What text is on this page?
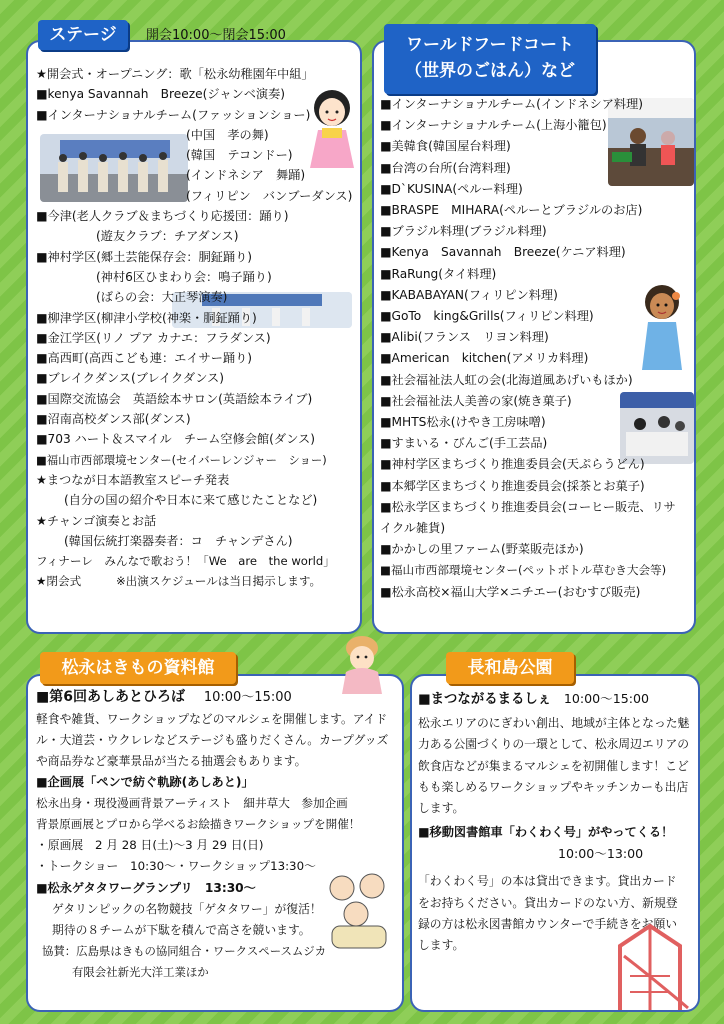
ステージ	開会10:00～閉会15:00
★開会式・オープニング：歌「松永幼稚園年中組」
■kenya Savannah　Breeze(ジャンベ演奏)
■インターナショナルチーム(ファッションショー)
(中国　孝の舞)
(韓国　テコンドー)
(インドネシア　舞踊)
(フィリピン　バンブーダンス)
■今津(老人クラブ＆まちづくり応援団：踊り)
(遊友クラブ：チアダンス)
■神村学区(郷土芸能保存会：胴鉦踊り)
(神村6区ひまわり会：鳴子踊り)
(ばらの会：大正琴演奏)
■柳津学区(柳津小学校(神楽・胴鉦踊り)
■金江学区(リノ プア カナエ：フラダンス)
■高西町(高西こども連：エイサー踊り)
■ブレイクダンス(ブレイクダンス)
■国際交流協会　英語絵本サロン(英語絵本ライブ)
■沼南高校ダンス部(ダンス)
■703 ハート＆スマイル　チーム空修会館(ダンス)
■福山市西部環境センター(セイバーレンジャー　ショー)
★まつなが日本語教室スピーチ発表
(自分の国の紹介や日本に来て感じたことなど)
★チャンゴ演奏とお話
(韓国伝統打楽器奏者：コ　チャンデさん)
フィナーレ　みんなで歌おう！「We　are　the world」
★閉会式　　　※出演スケジュールは当日掲示します。
ワールドフードコート
（世界のごはん）など
■インターナショナルチーム(インドネシア料理)
■インターナショナルチーム(上海小籠包)
■美韓食(韓国屋台料理)
■台湾の台所(台湾料理)
■D`KUSINA(ペルー料理)
■BRASPE　MIHARA(ペルーとブラジルのお店)
■ブラジル料理(ブラジル料理)
■Kenya　Savannah　Breeze(ケニア料理)
■RaRung(タイ料理)
■KABABAYAN(フィリピン料理)
■GoTo　king&Grills(フィリピン料理)
■Alibi(フランス　リヨン料理)
■American　kitchen(アメリカ料理)
■社会福祉法人虹の会(北海道風あげいもほか)
■社会福祉法人美善の家(焼き菓子)
■MHTS松永(けやき工房味噌)
■すまいる・びんご(手工芸品)
■神村学区まちづくり推進委員会(天ぷらうどん)
■本郷学区まちづくり推進委員会(採茶とお菓子)
■松永学区まちづくり推進委員会(コーヒー販売、リサイクル雑貨)
■かかしの里ファーム(野菜販売ほか)
■福山市西部環境センター(ペットボトル草むき大会等)
■松永高校×福山大学×ニチエー(おむすび販売)
松永はきもの資料館
■第6回あしあとひろば 10:00～15:00
軽食や雑貨、ワークショップなどのマルシェを開催します。アイドル・大道芸・ウクレレなどステージも盛りだくさん。カープグッズや商品券など豪華景品が当たる抽選会もあります。
■企画展「ペンで紡ぐ軌跡(あしあと)」
松永出身・現役漫画背景アーティスト　細井草大　参加企画
背景原画展とプロから学べるお絵描きワークショップを開催！
・原画展　2 月 28 日(土)～3 月 29 日(日)
・トークショー　10:30～・ワークショップ13:30～
■松永ゲタタワーグランプリ　13:30～
ゲタリンピックの名物競技「ゲタタワー」が復活！
期待の８チームが下駄を積んで高さを競います。
協賛：広島県はきもの協同組合・ワークスペースムジカ
有限会社新光大洋工業ほか
長和島公園
■まつながるまるしぇ 10:00～15:00
松永エリアのにぎわい創出、地域が主体となった魅力ある公園づくりの一環として、松永周辺エリアの飲食店などが集まるマルシェを初開催します！こどもも楽しめるワークショップやキッチンカーも出店します。
■移動図書館車「わくわく号」がやってくる！
10:00～13:00
「わくわく号」の本は貸出できます。貸出カードをお持ちください。貸出カードのない方、新規登録の方は松永図書館カウンターで手続きをお願いします。
